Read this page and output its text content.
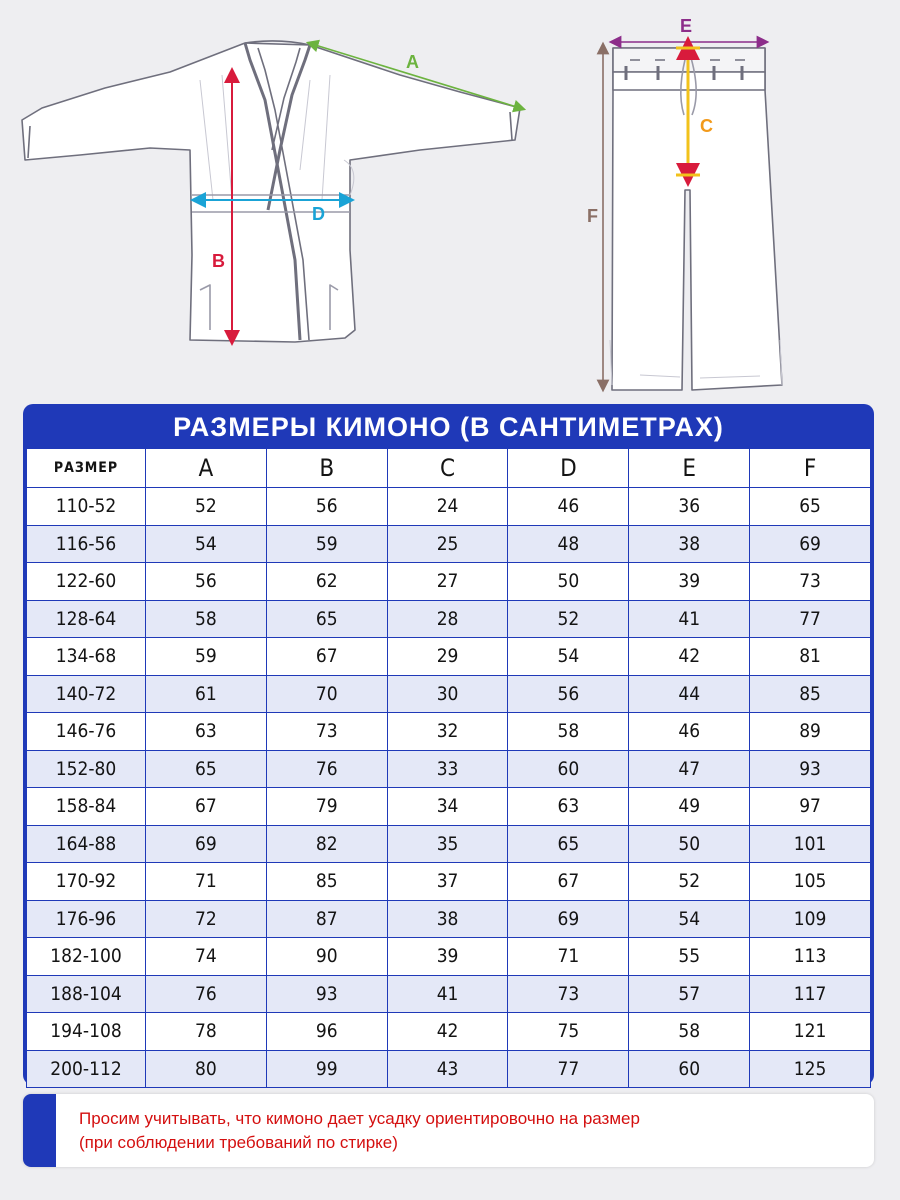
A
B
D
E
C
F
РАЗМЕРЫ КИМОНО (В САНТИМЕТРАХ)
РАЗМЕР	A	B	C	D	E	F
110-52	52	56	24	46	36	65
116-56	54	59	25	48	38	69
122-60	56	62	27	50	39	73
128-64	58	65	28	52	41	77
134-68	59	67	29	54	42	81
140-72	61	70	30	56	44	85
146-76	63	73	32	58	46	89
152-80	65	76	33	60	47	93
158-84	67	79	34	63	49	97
164-88	69	82	35	65	50	101
170-92	71	85	37	67	52	105
176-96	72	87	38	69	54	109
182-100	74	90	39	71	55	113
188-104	76	93	41	73	57	117
194-108	78	96	42	75	58	121
200-112	80	99	43	77	60	125
Просим учитывать, что кимоно дает усадку ориентировочно на размер
(при соблюдении требований по стирке)
